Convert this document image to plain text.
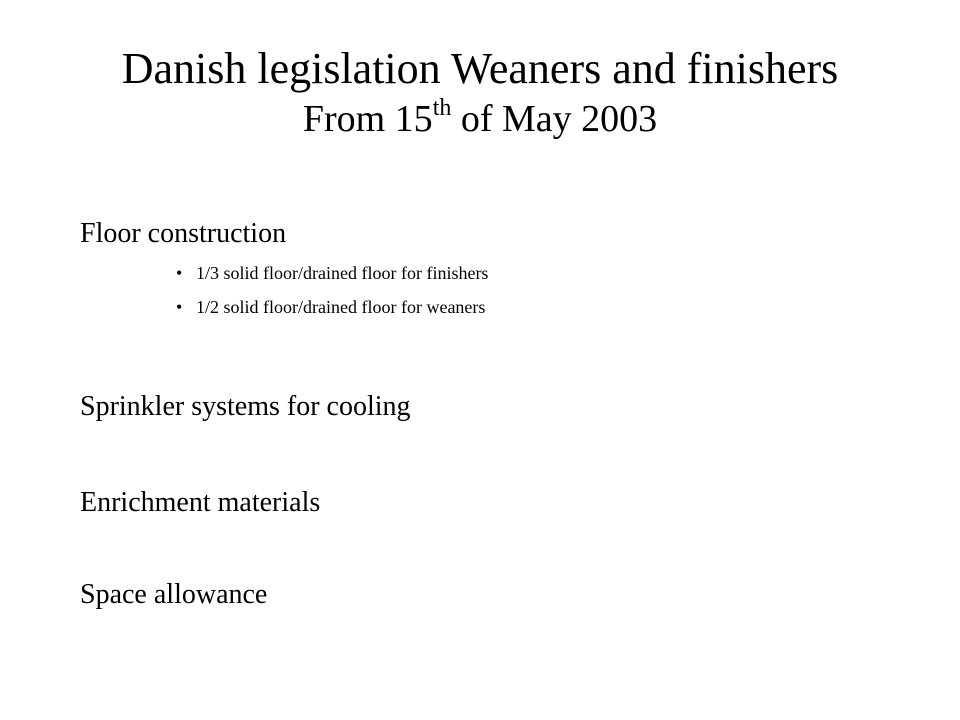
Danish legislation Weaners and finishers
From 15th of May 2003

Floor construction

• 1/3 solid floor/drained floor for finishers
• 1/2 solid floor/drained floor for weaners

Sprinkler systems for cooling

Enrichment materials

Space allowance
